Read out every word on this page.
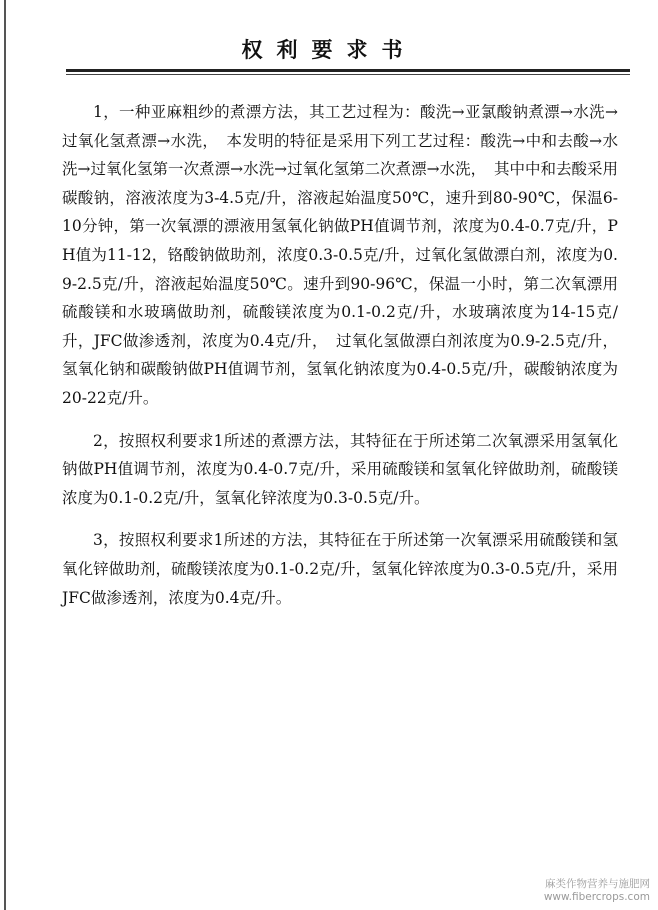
权利要求书

1，一种亚麻粗纱的煮漂方法，其工艺过程为：酸洗→亚氯酸钠煮漂→水洗→过氧化氢煮漂→水洗，　本发明的特征是采用下列工艺过程：酸洗→中和去酸→水洗→过氧化氢第一次煮漂→水洗→过氧化氢第二次煮漂→水洗，　其中中和去酸采用碳酸钠，溶液浓度为3-4.5克/升，溶液起始温度50℃，速升到80-90℃，保温6-10分钟，第一次氧漂的漂液用氢氧化钠做PH值调节剂，浓度为0.4-0.7克/升，PH值为11-12，铬酸钠做助剂，浓度0.3-0.5克/升，过氧化氢做漂白剂，浓度为0.9-2.5克/升，溶液起始温度50℃。速升到90-96℃，保温一小时，第二次氧漂用硫酸镁和水玻璃做助剂，硫酸镁浓度为0.1-0.2克/升，水玻璃浓度为14-15克/升，JFC做渗透剂，浓度为0.4克/升，　过氧化氢做漂白剂浓度为0.9-2.5克/升，氢氧化钠和碳酸钠做PH值调节剂，氢氧化钠浓度为0.4-0.5克/升，碳酸钠浓度为20-22克/升。

2，按照权利要求1所述的煮漂方法，其特征在于所述第二次氧漂采用氢氧化钠做PH值调节剂，浓度为0.4-0.7克/升，采用硫酸镁和氢氧化锌做助剂，硫酸镁浓度为0.1-0.2克/升，氢氧化锌浓度为0.3-0.5克/升。

3，按照权利要求1所述的方法，其特征在于所述第一次氧漂采用硫酸镁和氢氧化锌做助剂，硫酸镁浓度为0.1-0.2克/升，氢氧化锌浓度为0.3-0.5克/升，采用JFC做渗透剂，浓度为0.4克/升。

麻类作物营养与施肥网
www.fibercrops.com
